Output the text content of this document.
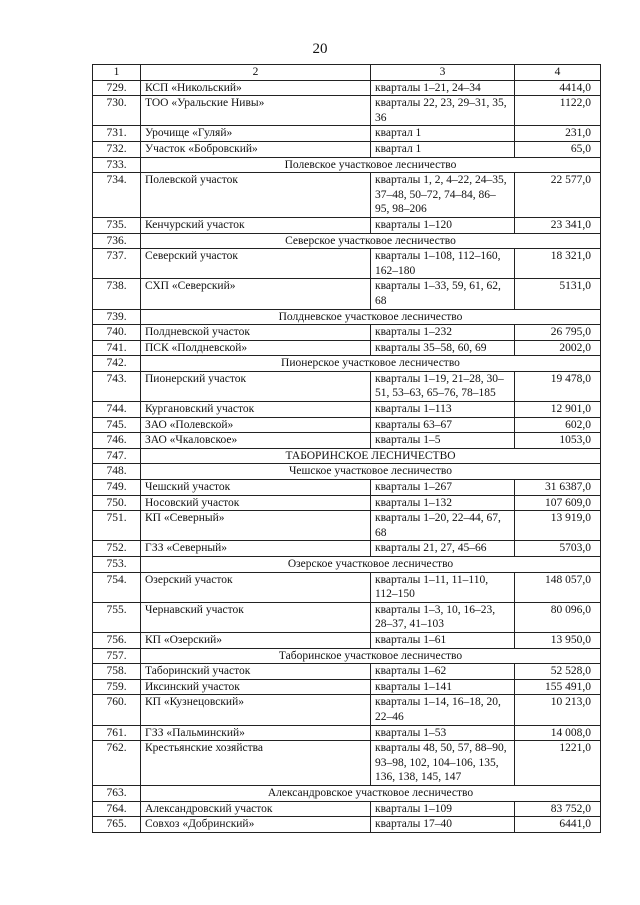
20
1	2	3	4
729.	КСП «Никольский»	кварталы 1–21, 24–34	4414,0
730.	ТОО «Уральские Нивы»	кварталы 22, 23, 29–31, 35, 36	1122,0
731.	Урочище «Гуляй»	квартал 1	231,0
732.	Участок «Бобровский»	квартал 1	65,0
733.	Полевское участковое лесничество		
734.	Полевской участок	кварталы 1, 2, 4–22, 24–35, 37–48, 50–72, 74–84, 86–95, 98–206	22 577,0
735.	Кенчурский участок	кварталы 1–120	23 341,0
736.	Северское участковое лесничество		
737.	Северский участок	кварталы 1–108, 112–160, 162–180	18 321,0
738.	СХП «Северский»	кварталы 1–33, 59, 61, 62, 68	5131,0
739.	Полдневское участковое лесничество		
740.	Полдневской участок	кварталы 1–232	26 795,0
741.	ПСК «Полдневской»	кварталы 35–58, 60, 69	2002,0
742.	Пионерское участковое лесничество		
743.	Пионерский участок	кварталы 1–19, 21–28, 30–51, 53–63, 65–76, 78–185	19 478,0
744.	Кургановский участок	кварталы 1–113	12 901,0
745.	ЗАО «Полевской»	кварталы 63–67	602,0
746.	ЗАО «Чкаловское»	кварталы 1–5	1053,0
747.	ТАБОРИНСКОЕ ЛЕСНИЧЕСТВО		
748.	Чешское участковое лесничество		
749.	Чешский участок	кварталы 1–267	31 6387,0
750.	Носовский участок	кварталы 1–132	107 609,0
751.	КП «Северный»	кварталы 1–20, 22–44, 67, 68	13 919,0
752.	ГЗЗ «Северный»	кварталы 21, 27, 45–66	5703,0
753.	Озерское участковое лесничество		
754.	Озерский участок	кварталы 1–11, 11–110, 112–150	148 057,0
755.	Чернавский участок	кварталы 1–3, 10, 16–23, 28–37, 41–103	80 096,0
756.	КП «Озерский»	кварталы 1–61	13 950,0
757.	Таборинское участковое лесничество		
758.	Таборинский участок	кварталы 1–62	52 528,0
759.	Иксинский участок	кварталы 1–141	155 491,0
760.	КП «Кузнецовский»	кварталы 1–14, 16–18, 20, 22–46	10 213,0
761.	ГЗЗ «Пальминский»	кварталы 1–53	14 008,0
762.	Крестьянские хозяйства	кварталы 48, 50, 57, 88–90, 93–98, 102, 104–106, 135, 136, 138, 145, 147	1221,0
763.	Александровское участковое лесничество		
764.	Александровский участок	кварталы 1–109	83 752,0
765.	Совхоз «Добринский»	кварталы 17–40	6441,0
